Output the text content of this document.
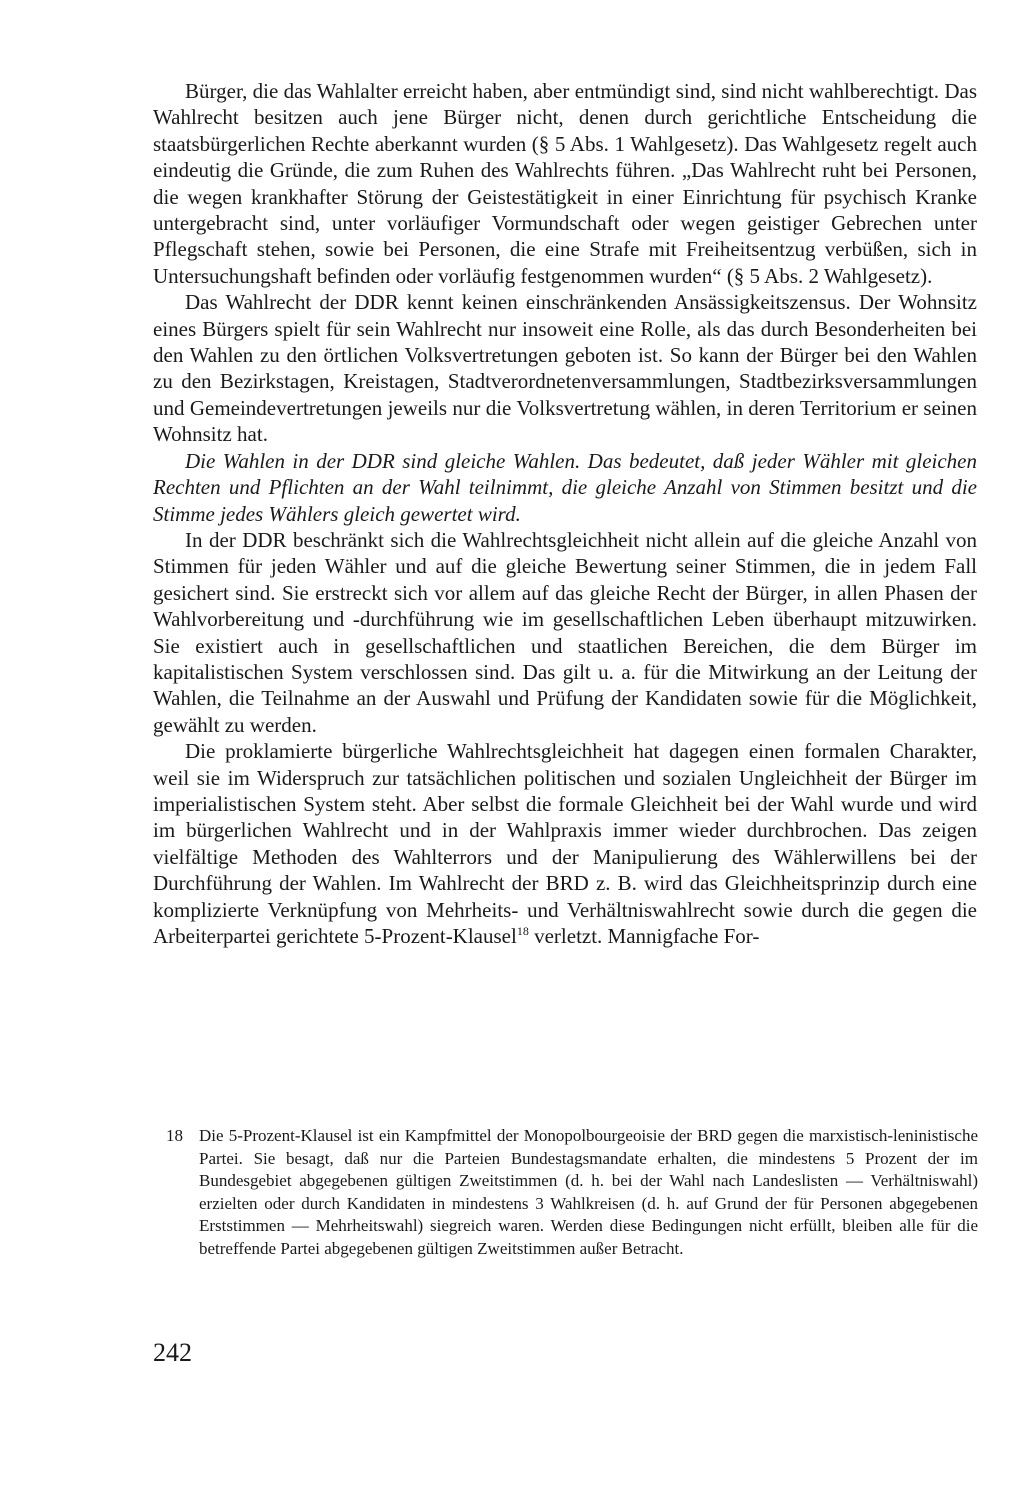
Bürger, die das Wahlalter erreicht haben, aber entmündigt sind, sind nicht wahlberechtigt. Das Wahlrecht besitzen auch jene Bürger nicht, denen durch gerichtliche Entscheidung die staatsbürgerlichen Rechte aberkannt wurden (§ 5 Abs. 1 Wahlgesetz). Das Wahlgesetz regelt auch eindeutig die Gründe, die zum Ruhen des Wahlrechts führen. „Das Wahlrecht ruht bei Personen, die wegen krankhafter Störung der Geistestätigkeit in einer Einrichtung für psychisch Kranke untergebracht sind, unter vorläufiger Vormundschaft oder wegen geistiger Gebrechen unter Pflegschaft stehen, sowie bei Personen, die eine Strafe mit Freiheitsentzug verbüßen, sich in Untersuchungshaft befinden oder vorläufig festgenommen wurden“ (§ 5 Abs. 2 Wahlgesetz).

Das Wahlrecht der DDR kennt keinen einschränkenden Ansässigkeitszensus. Der Wohnsitz eines Bürgers spielt für sein Wahlrecht nur insoweit eine Rolle, als das durch Besonderheiten bei den Wahlen zu den örtlichen Volksvertretungen geboten ist. So kann der Bürger bei den Wahlen zu den Bezirkstagen, Kreistagen, Stadtverordnetenversammlungen, Stadtbezirksversammlungen und Gemeindevertretungen jeweils nur die Volksvertretung wählen, in deren Territorium er seinen Wohnsitz hat.

Die Wahlen in der DDR sind gleiche Wahlen. Das bedeutet, daß jeder Wähler mit gleichen Rechten und Pflichten an der Wahl teilnimmt, die gleiche Anzahl von Stimmen besitzt und die Stimme jedes Wählers gleich gewertet wird.

In der DDR beschränkt sich die Wahlrechtsgleichheit nicht allein auf die gleiche Anzahl von Stimmen für jeden Wähler und auf die gleiche Bewertung seiner Stimmen, die in jedem Fall gesichert sind. Sie erstreckt sich vor allem auf das gleiche Recht der Bürger, in allen Phasen der Wahlvorbereitung und -durchführung wie im gesellschaftlichen Leben überhaupt mitzuwirken. Sie existiert auch in gesellschaftlichen und staatlichen Bereichen, die dem Bürger im kapitalistischen System verschlossen sind. Das gilt u. a. für die Mitwirkung an der Leitung der Wahlen, die Teilnahme an der Auswahl und Prüfung der Kandidaten sowie für die Möglichkeit, gewählt zu werden.

Die proklamierte bürgerliche Wahlrechtsgleichheit hat dagegen einen formalen Charakter, weil sie im Widerspruch zur tatsächlichen politischen und sozialen Ungleichheit der Bürger im imperialistischen System steht. Aber selbst die formale Gleichheit bei der Wahl wurde und wird im bürgerlichen Wahlrecht und in der Wahlpraxis immer wieder durchbrochen. Das zeigen vielfältige Methoden des Wahlterrors und der Manipulierung des Wählerwillens bei der Durchführung der Wahlen. Im Wahlrecht der BRD z. B. wird das Gleichheitsprinzip durch eine komplizierte Verknüpfung von Mehrheits- und Verhältniswahlrecht sowie durch die gegen die Arbeiterpartei gerichtete 5-Prozent-Klausel$^{18}$ verletzt. Mannigfache For-

18 Die 5-Prozent-Klausel ist ein Kampfmittel der Monopolbourgeoisie der BRD gegen die marxistisch-leninistische Partei. Sie besagt, daß nur die Parteien Bundestagsmandate erhalten, die mindestens 5 Prozent der im Bundesgebiet abgegebenen gültigen Zweitstimmen (d. h. bei der Wahl nach Landeslisten — Verhältniswahl) erzielten oder durch Kandidaten in mindestens 3 Wahlkreisen (d. h. auf Grund der für Personen abgegebenen Erststimmen — Mehrheitswahl) siegreich waren. Werden diese Bedingungen nicht erfüllt, bleiben alle für die betreffende Partei abgegebenen gültigen Zweitstimmen außer Betracht.
242
